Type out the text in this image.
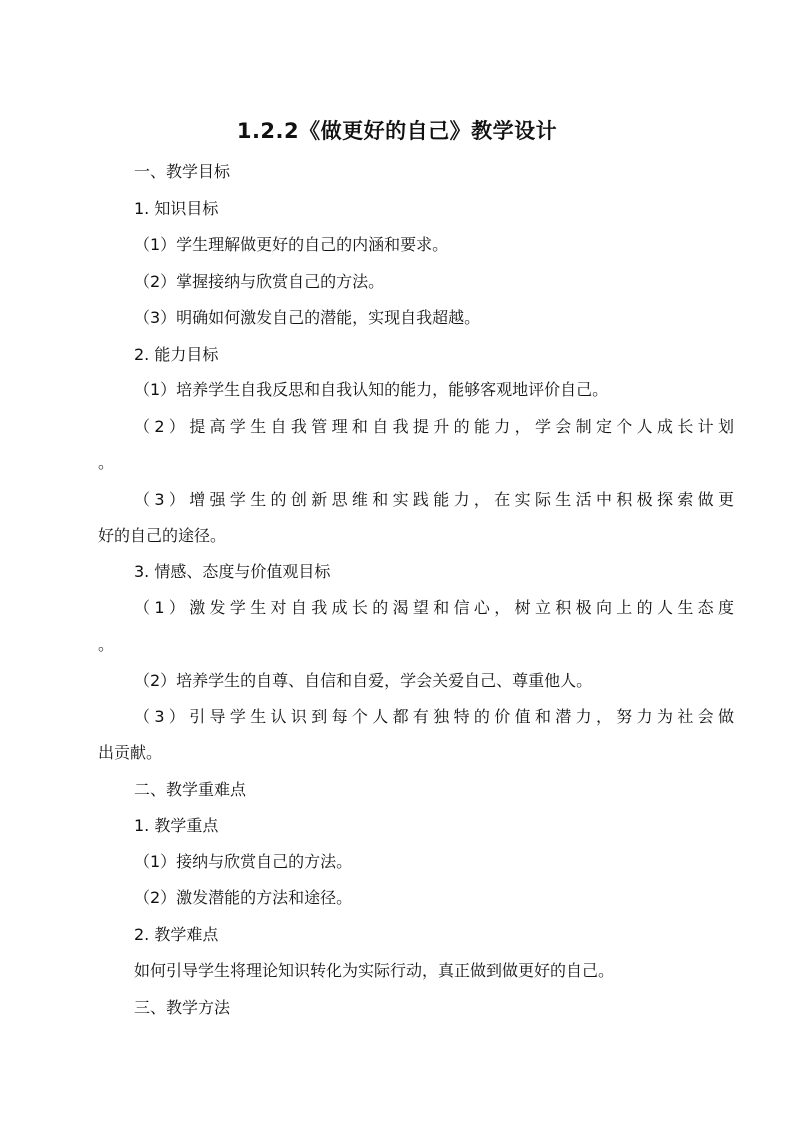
1.2.2《做更好的自己》教学设计
一、教学目标
1. 知识目标
（1）学生理解做更好的自己的内涵和要求。
（2）掌握接纳与欣赏自己的方法。
（3）明确如何激发自己的潜能，实现自我超越。
2. 能力目标
（1）培养学生自我反思和自我认知的能力，能够客观地评价自己。
（2）提高学生自我管理和自我提升的能力，学会制定个人成长计划
。
（3）增强学生的创新思维和实践能力，在实际生活中积极探索做更
好的自己的途径。
3. 情感、态度与价值观目标
（1）激发学生对自我成长的渴望和信心，树立积极向上的人生态度
。
（2）培养学生的自尊、自信和自爱，学会关爱自己、尊重他人。
（3）引导学生认识到每个人都有独特的价值和潜力，努力为社会做
出贡献。
二、教学重难点
1. 教学重点
（1）接纳与欣赏自己的方法。
（2）激发潜能的方法和途径。
2. 教学难点
如何引导学生将理论知识转化为实际行动，真正做到做更好的自己。
三、教学方法
